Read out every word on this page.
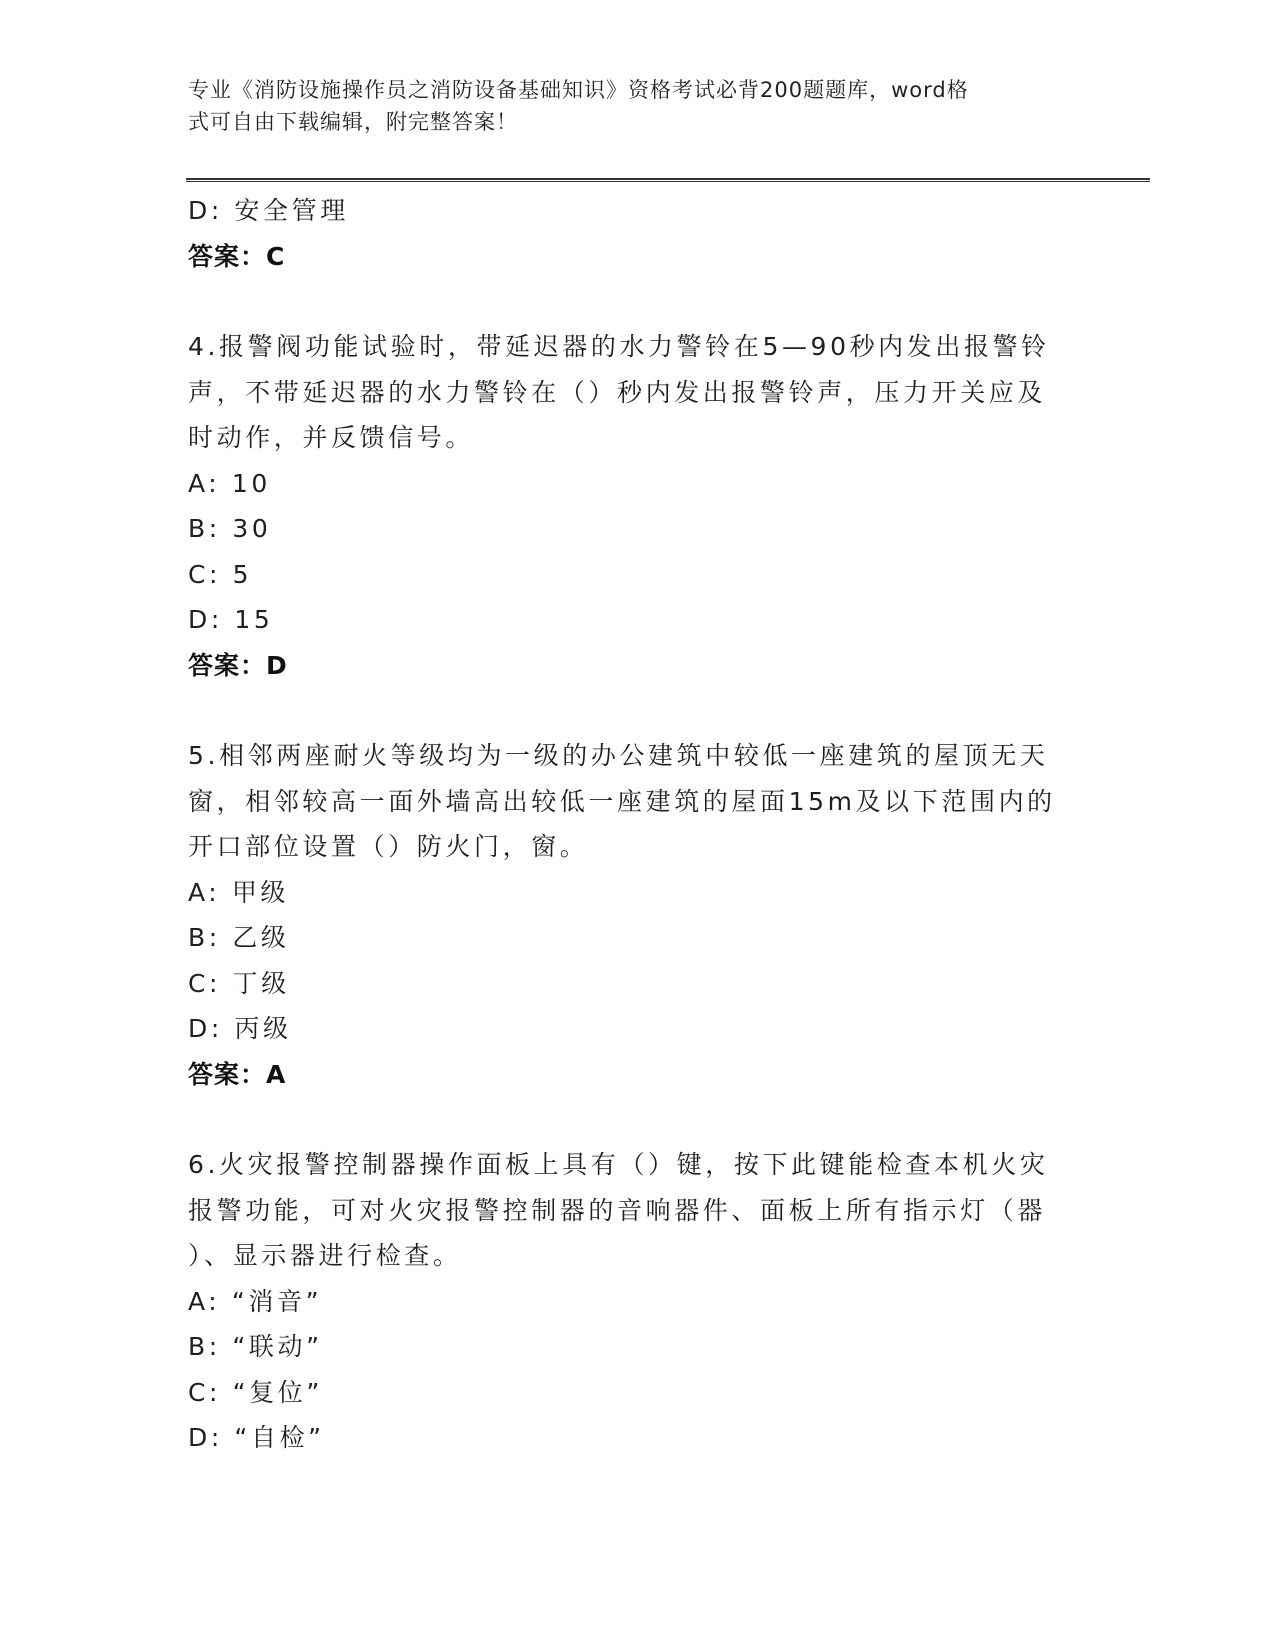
专业《消防设施操作员之消防设备基础知识》资格考试必背200题题库，word格
式可自由下载编辑，附完整答案！
D: 安全管理
答案：C
4.报警阀功能试验时，带延迟器的水力警铃在5—90秒内发出报警铃
声，不带延迟器的水力警铃在（）秒内发出报警铃声，压力开关应及
时动作，并反馈信号。
A: 10
B: 30
C: 5
D: 15
答案：D
5.相邻两座耐火等级均为一级的办公建筑中较低一座建筑的屋顶无天
窗，相邻较高一面外墙高出较低一座建筑的屋面15m及以下范围内的
开口部位设置（）防火门，窗。
A: 甲级
B: 乙级
C: 丁级
D: 丙级
答案：A
6.火灾报警控制器操作面板上具有（）键，按下此键能检查本机火灾
报警功能，可对火灾报警控制器的音响器件、面板上所有指示灯（器
）、显示器进行检查。
A: “消音”
B: “联动”
C: “复位”
D: “自检”
